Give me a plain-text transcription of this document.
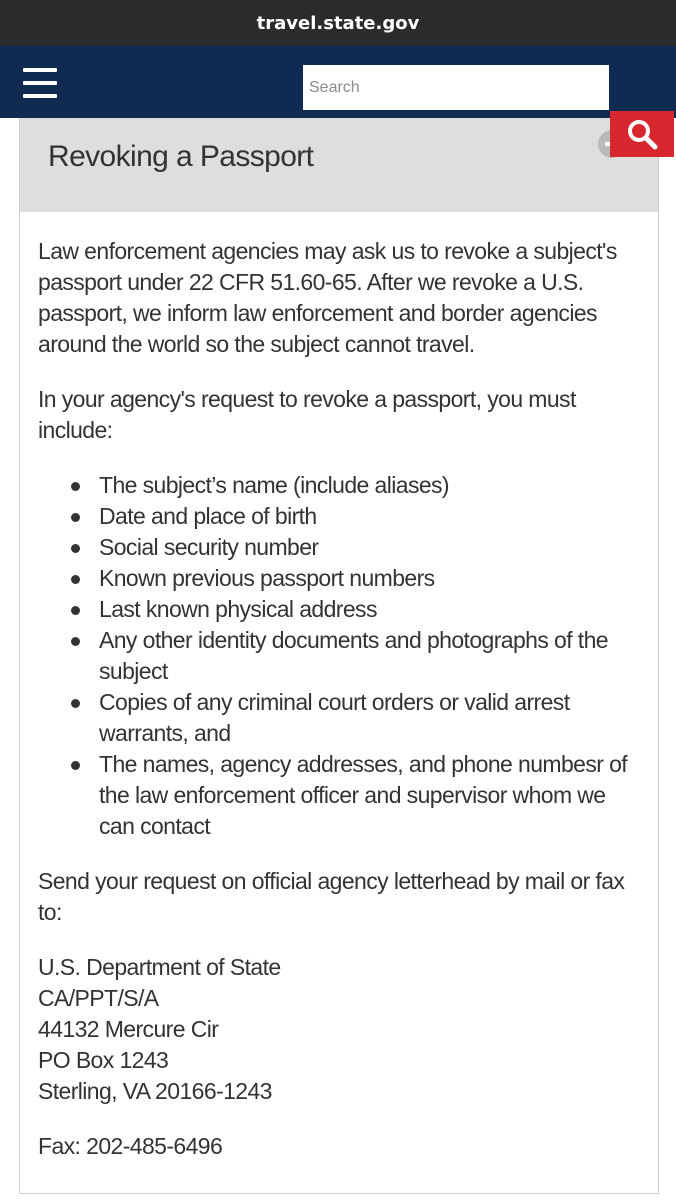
travel.state.gov
Search
Revoking a Passport

Law enforcement agencies may ask us to revoke a subject's passport under 22 CFR 51.60-65. After we revoke a U.S. passport, we inform law enforcement and border agencies around the world so the subject cannot travel.

In your agency's request to revoke a passport, you must include:

The subject’s name (include aliases)
Date and place of birth
Social security number
Known previous passport numbers
Last known physical address
Any other identity documents and photographs of the subject
Copies of any criminal court orders or valid arrest warrants, and
The names, agency addresses, and phone numbesr of the law enforcement officer and supervisor whom we can contact

Send your request on official agency letterhead by mail or fax to:

U.S. Department of State
CA/PPT/S/A
44132 Mercure Cir
PO Box 1243
Sterling, VA 20166-1243

Fax: 202-485-6496
